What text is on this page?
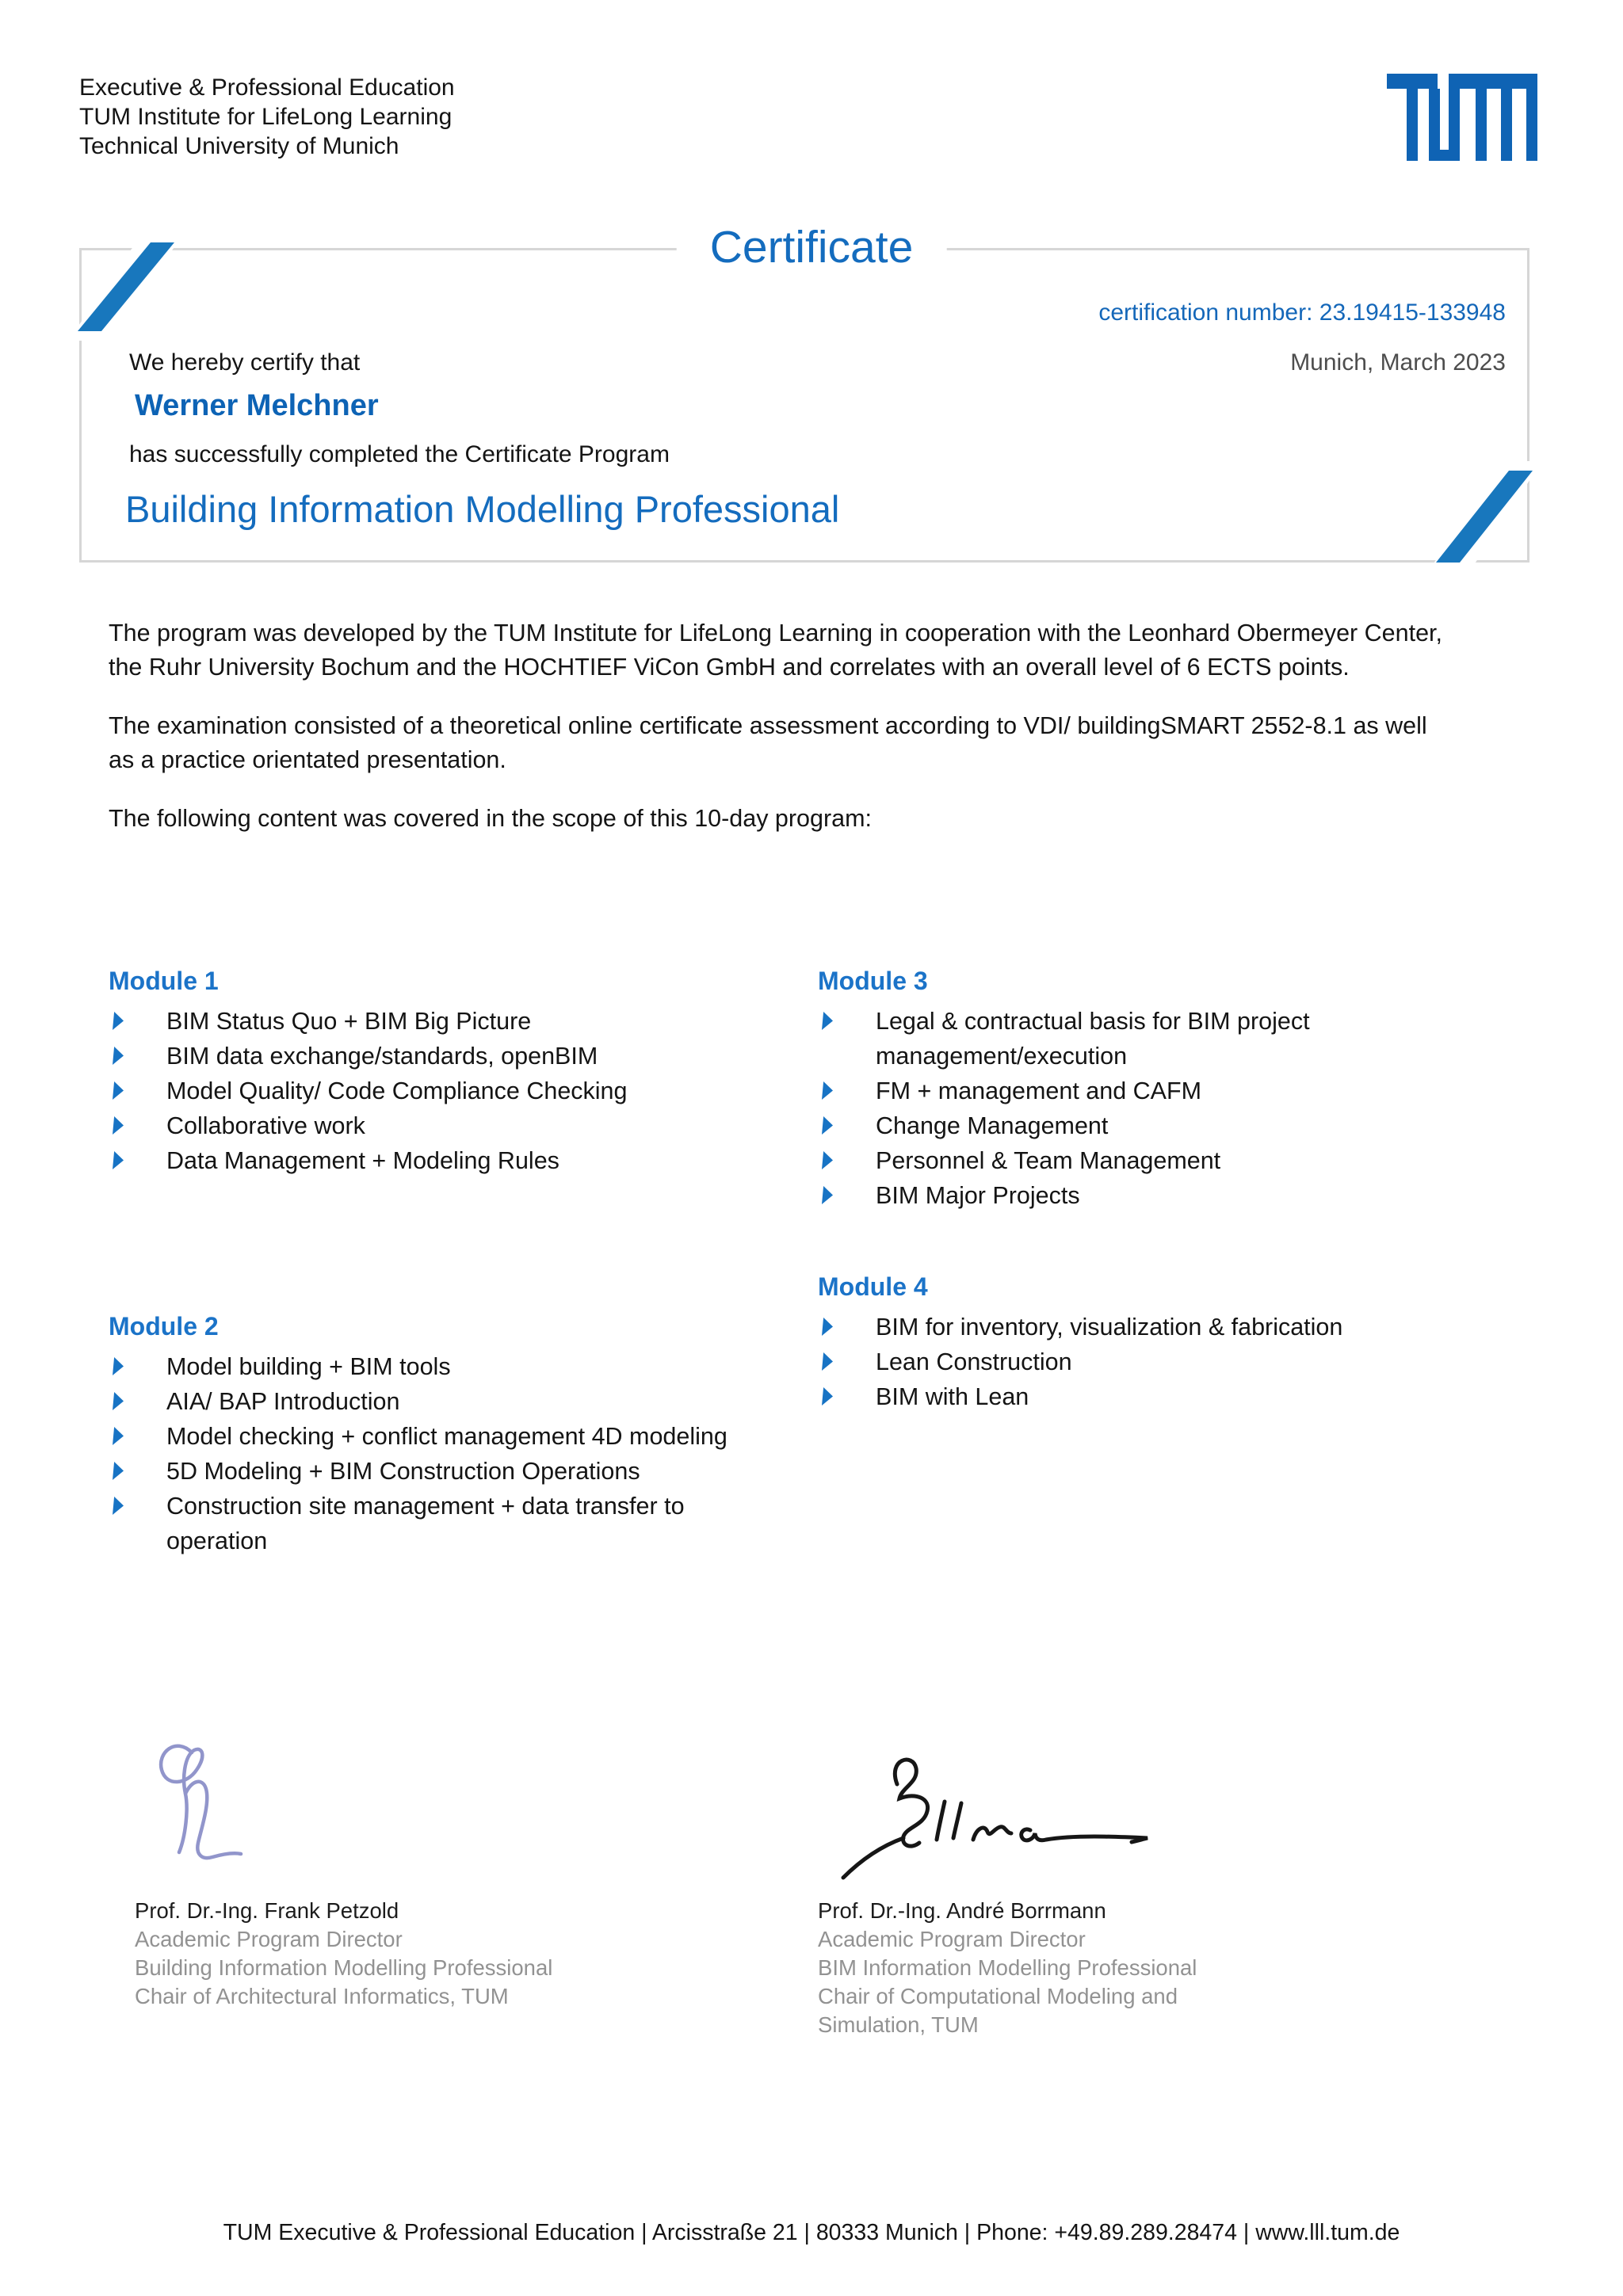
Executive & Professional Education
TUM Institute for LifeLong Learning
Technical University of Munich
Certificate
certification number: 23.19415-133948
Munich, March 2023
We hereby certify that
Werner Melchner
has successfully completed the Certificate Program
Building Information Modelling Professional

The program was developed by the TUM Institute for LifeLong Learning in cooperation with the Leonhard Obermeyer Center, the Ruhr University Bochum and the HOCHTIEF ViCon GmbH and correlates with an overall level of 6 ECTS points.

The examination consisted of a theoretical online certificate assessment according to VDI/ buildingSMART 2552-8.1 as well as a practice orientated presentation.

The following content was covered in the scope of this 10-day program:

Module 1
BIM Status Quo + BIM Big Picture
BIM data exchange/standards, openBIM
Model Quality/ Code Compliance Checking
Collaborative work
Data Management + Modeling Rules
Module 2
Model building + BIM tools
AIA/ BAP Introduction
Model checking + conflict management 4D modeling
5D Modeling + BIM Construction Operations
Construction site management + data transfer to operation
Module 3
Legal & contractual basis for BIM project management/execution
FM + management and CAFM
Change Management
Personnel & Team Management
BIM Major Projects
Module 4
BIM for inventory, visualization & fabrication
Lean Construction
BIM with Lean
Prof. Dr.-Ing. Frank Petzold
Academic Program Director
Building Information Modelling Professional
Chair of Architectural Informatics, TUM
Prof. Dr.-Ing. André Borrmann
Academic Program Director
BIM Information Modelling Professional
Chair of Computational Modeling and Simulation, TUM
TUM Executive & Professional Education | Arcisstraße 21 | 80333 Munich | Phone: +49.89.289.28474 | www.lll.tum.de
